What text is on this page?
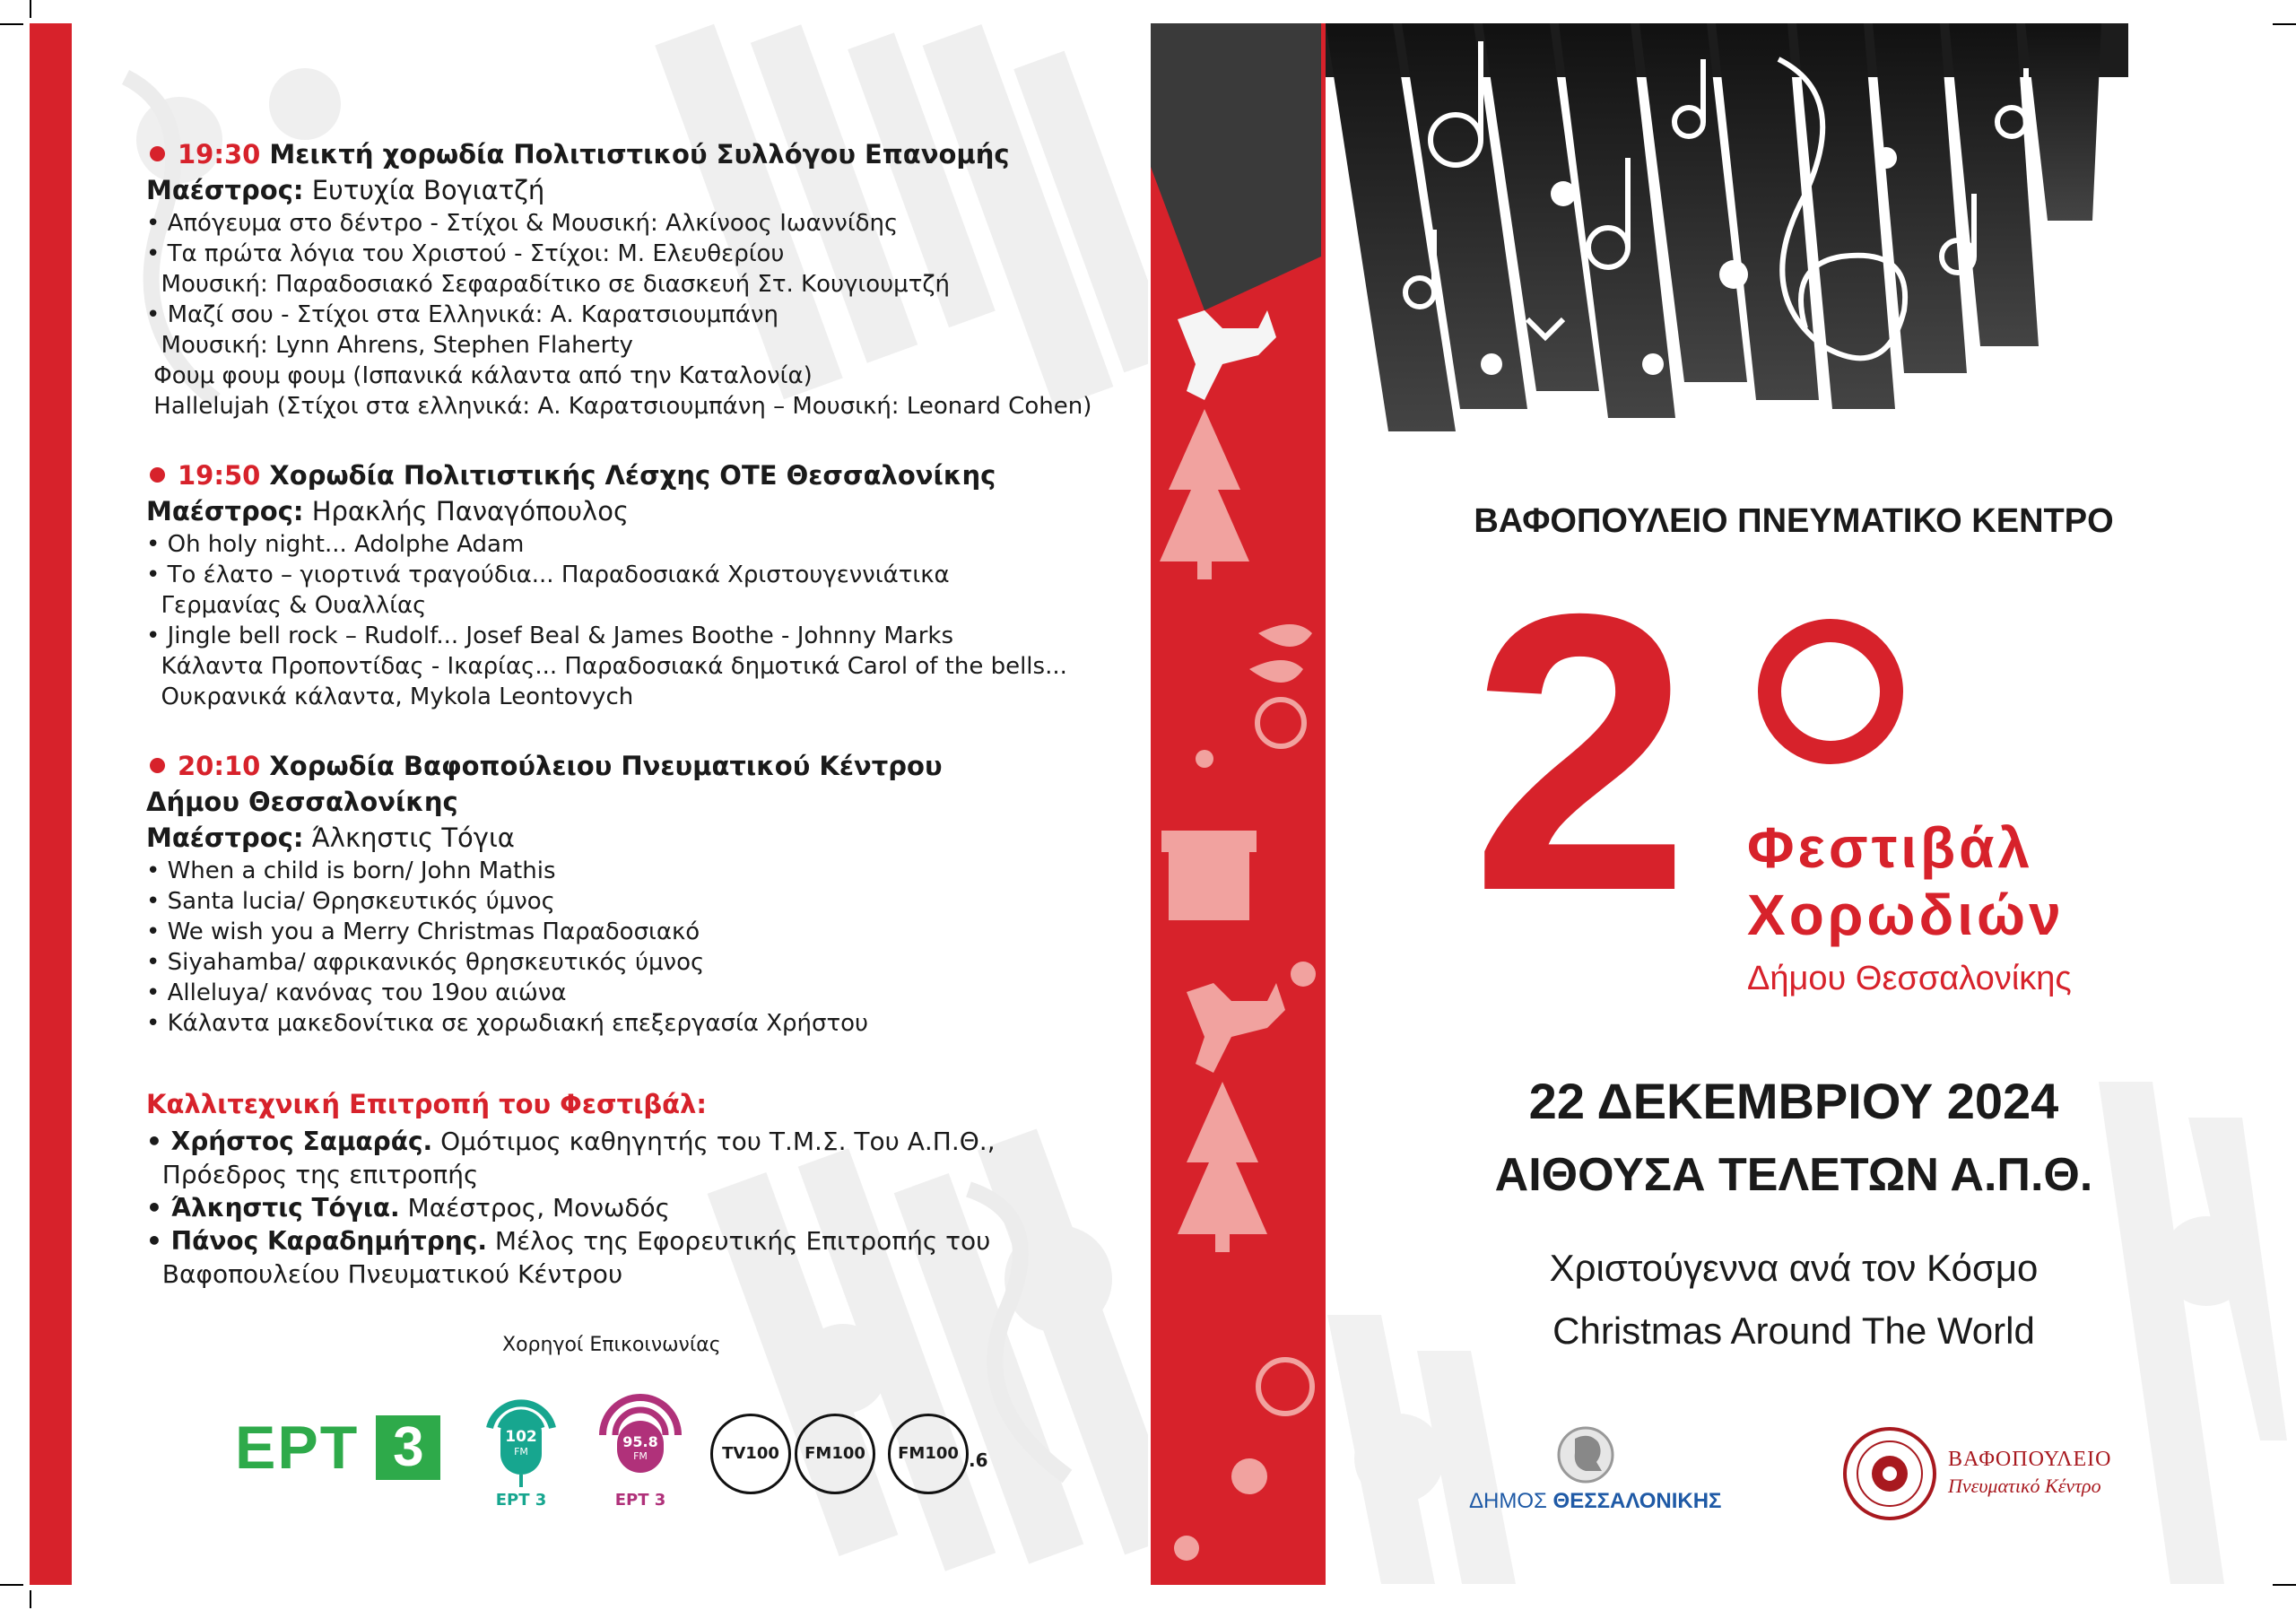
19:30 Μεικτή χορωδία Πολιτιστικού Συλλόγου Επανομής
Μαέστρος: Ευτυχία Βογιατζή
• Απόγευμα στο δέντρο - Στίχοι & Μουσική: Αλκίνοος Ιωαννίδης
• Τα πρώτα λόγια του Χριστού - Στίχοι: Μ. Ελευθερίου
Μουσική: Παραδοσιακό Σεφαραδίτικο σε διασκευή Στ. Κουγιουμτζή
• Μαζί σου - Στίχοι στα Ελληνικά: Α. Καρατσιουμπάνη
Μουσική: Lynn Ahrens, Stephen Flaherty
Φουμ φουμ φουμ (Ισπανικά κάλαντα από την Καταλονία)
Hallelujah (Στίχοι στα ελληνικά: Α. Καρατσιουμπάνη – Μουσική: Leonard Cohen)
19:50 Χορωδία Πολιτιστικής Λέσχης ΟΤΕ Θεσσαλονίκης
Μαέστρος: Ηρακλής Παναγόπουλος
• Oh holy night... Adolphe Adam
• Το έλατο – γιορτινά τραγούδια... Παραδοσιακά Χριστουγεννιάτικα
Γερμανίας & Ουαλλίας
• Jingle bell rock – Rudolf... Josef Beal & James Boothe - Johnny Marks
Κάλαντα Προποντίδας - Ικαρίας... Παραδοσιακά δημοτικά Carol of the bells...
Ουκρανικά κάλαντα, Mykola Leontovych
20:10 Χορωδία Βαφοπούλειου Πνευματικού Κέντρου
Δήμου Θεσσαλονίκης
Μαέστρος: Άλκηστις Τόγια
• When a child is born/ John Mathis
• Santa lucia/ Θρησκευτικός ύμνος
• We wish you a Merry Christmas Παραδοσιακό
• Siyahamba/ αφρικανικός θρησκευτικός ύμνος
• Alleluya/ κανόνας του 19ου αιώνα
• Κάλαντα μακεδονίτικα σε χορωδιακή επεξεργασία Χρήστου
Καλλιτεχνική Επιτροπή του Φεστιβάλ:
• Χρήστος Σαμαράς. Ομότιμος καθηγητής του Τ.Μ.Σ. Του Α.Π.Θ.,
Πρόεδρος της επιτροπής
• Άλκηστις Τόγια. Μαέστρος, Μονωδός
• Πάνος Καραδημήτρης. Μέλος της Εφορευτικής Επιτροπής του
Βαφοπουλείου Πνευματικού Κέντρου
Χορηγοί Επικοινωνίας
ΕΡΤ 3	102
FM
ΕΡΤ 3
95.8
FM
ΕΡΤ 3
TV100	FM100	FM100 .6
ΒΑΦΟΠΟΥΛΕΙΟ ΠΝΕΥΜΑΤΙΚΟ ΚΕΝΤΡΟ
2 Φεστιβάλ
Χορωδιών
Δήμου Θεσσαλονίκης
22 ΔΕΚΕΜΒΡΙΟΥ 2024
ΑΙΘΟΥΣΑ ΤΕΛΕΤΩΝ Α.Π.Θ.
Χριστούγεννα ανά τον Κόσμο
Christmas Around The World
ΔΗΜΟΣ ΘΕΣΣΑΛΟΝΙΚΗΣ
ΒΑΦΟΠΟΥΛΕΙΟ
Πνευματικό Κέντρο
